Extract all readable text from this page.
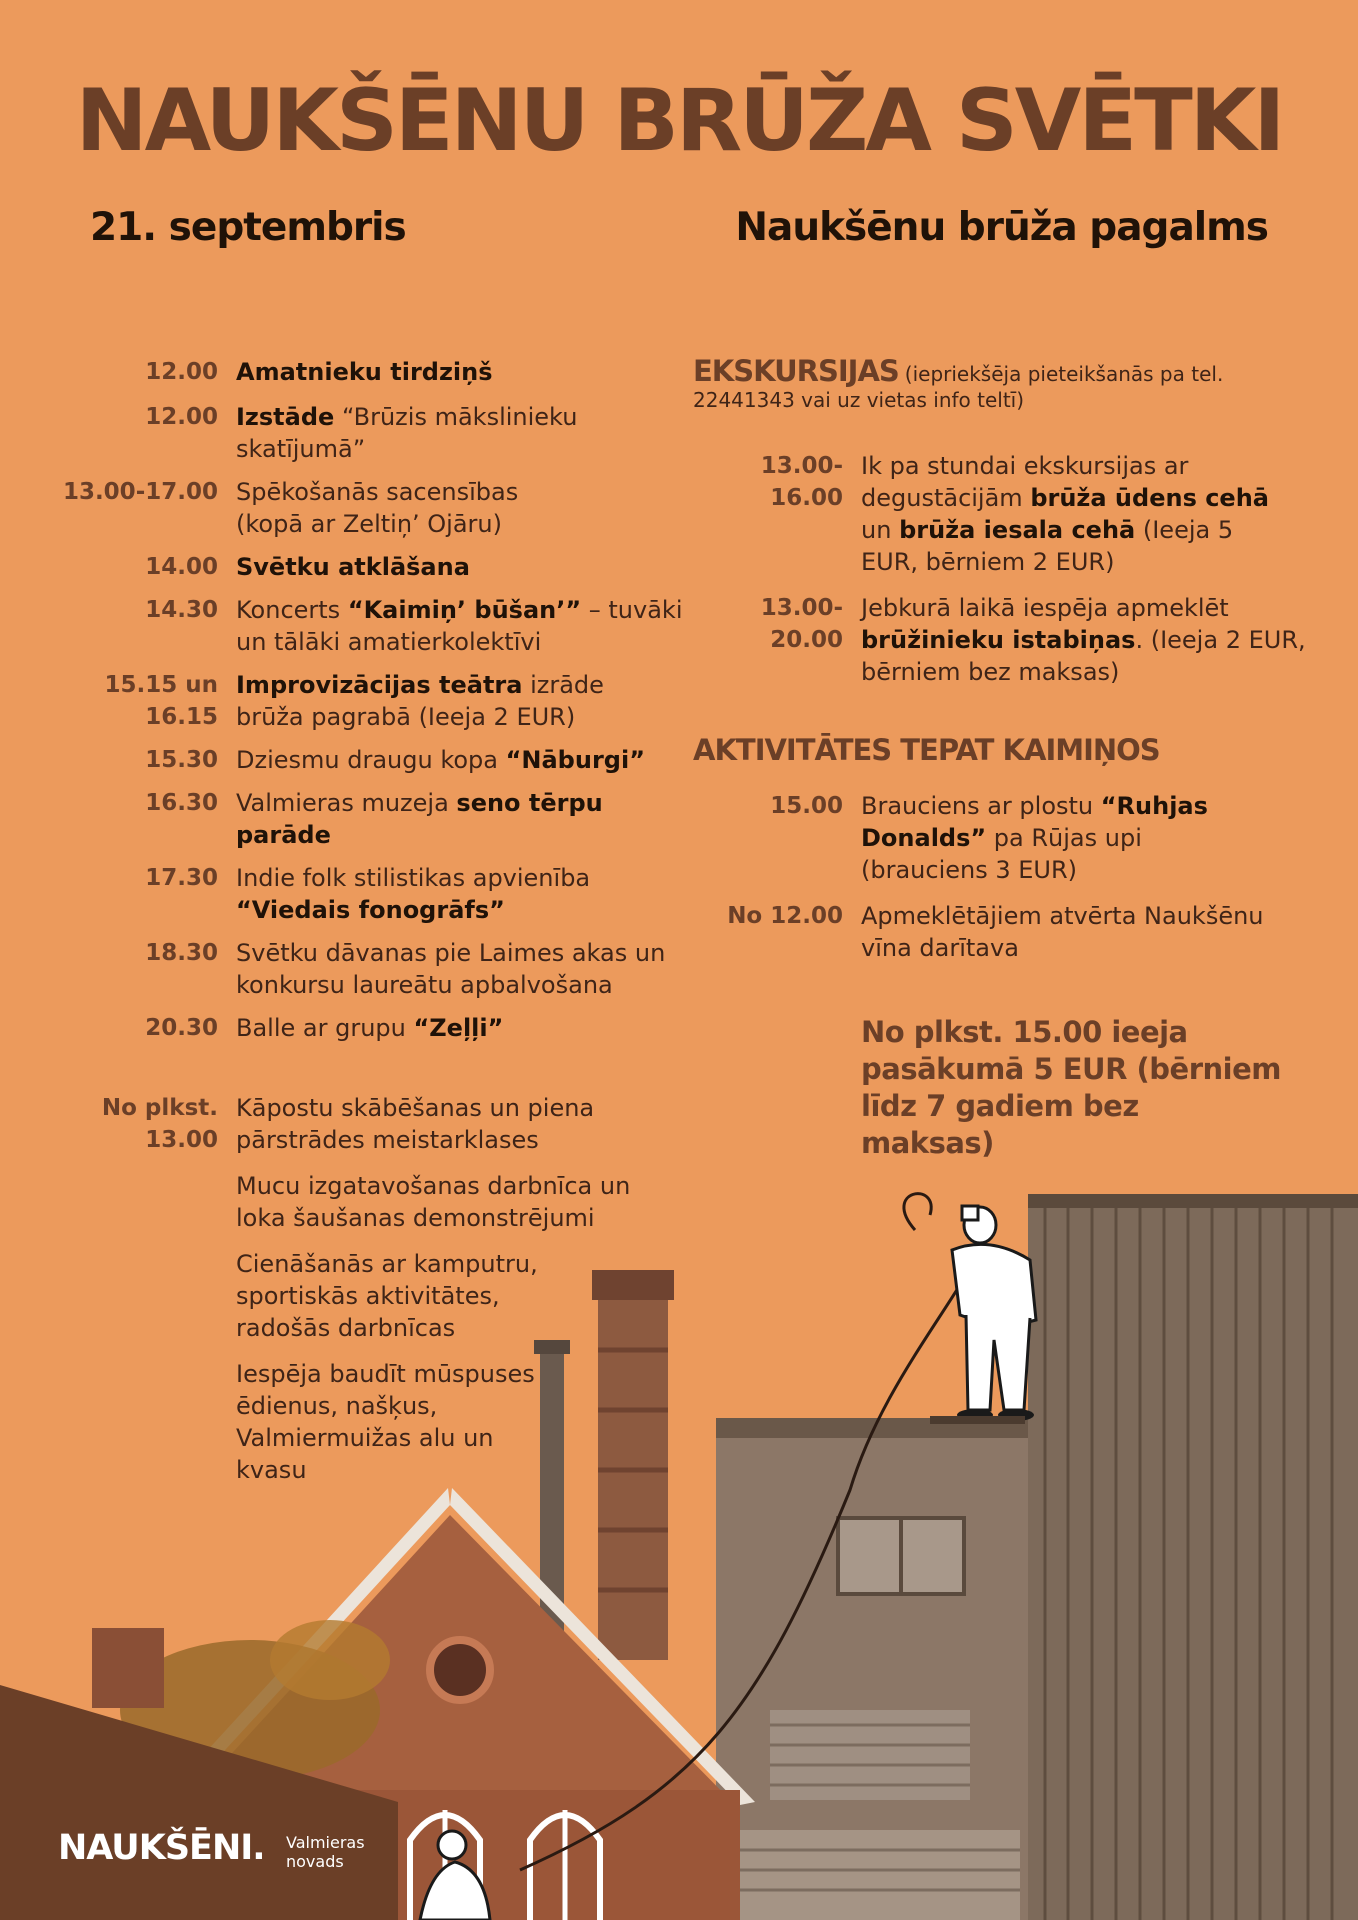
NAUKŠĒNU BRŪŽA SVĒTKI
21. septembris	Naukšēnu brūža pagalms
12.00 Amatnieku tirdziņš
12.00 Izstāde “Brūzis mākslinieku skatījumā”
13.00-17.00 Spēkošanās sacensības (kopā ar Zeltiņ’ Ojāru)
14.00 Svētku atklāšana
14.30 Koncerts “Kaimiņ’ būšan’” – tuvāki un tālāki amatierkolektīvi
15.15 un 16.15
Improvizācijas teātra izrāde brūža pagrabā (Ieeja 2 EUR)
15.30 Dziesmu draugu kopa “Nāburgi”
16.30 Valmieras muzeja seno tērpu parāde
17.30 Indie folk stilistikas apvienība “Viedais fonogrāfs”
18.30 Svētku dāvanas pie Laimes akas un konkursu laureātu apbalvošana
20.30 Balle ar grupu “Zeļļi”
No plkst. 13.00
Kāpostu skābēšanas un piena pārstrādes meistarklases
Mucu izgatavošanas darbnīca un loka šaušanas demonstrējumi
Cienāšanās ar kamputru, sportiskās aktivitātes, radošās darbnīcas
Iespēja baudīt mūspuses ēdienus, našķus, Valmiermuižas alu un kvasu
EKSKURSIJAS (iepriekšēja pieteikšanās pa tel. 22441343 vai uz vietas info teltī)
13.00-16.00
Ik pa stundai ekskursijas ar degustācijām brūža ūdens cehā un brūža iesala cehā (Ieeja 5 EUR, bērniem 2 EUR)
13.00-20.00
Jebkurā laikā iespēja apmeklēt brūžinieku istabiņas. (Ieeja 2 EUR, bērniem bez maksas)
AKTIVITĀTES TEPAT KAIMIŅOS
15.00 Brauciens ar plostu “Ruhjas Donalds” pa Rūjas upi (brauciens 3 EUR)
No 12.00 Apmeklētājiem atvērta Naukšēnu vīna darītava
No plkst. 15.00 ieeja pasākumā 5 EUR (bērniem līdz 7 gadiem bez maksas)
NAUKŠĒNI. Valmieras
novads
